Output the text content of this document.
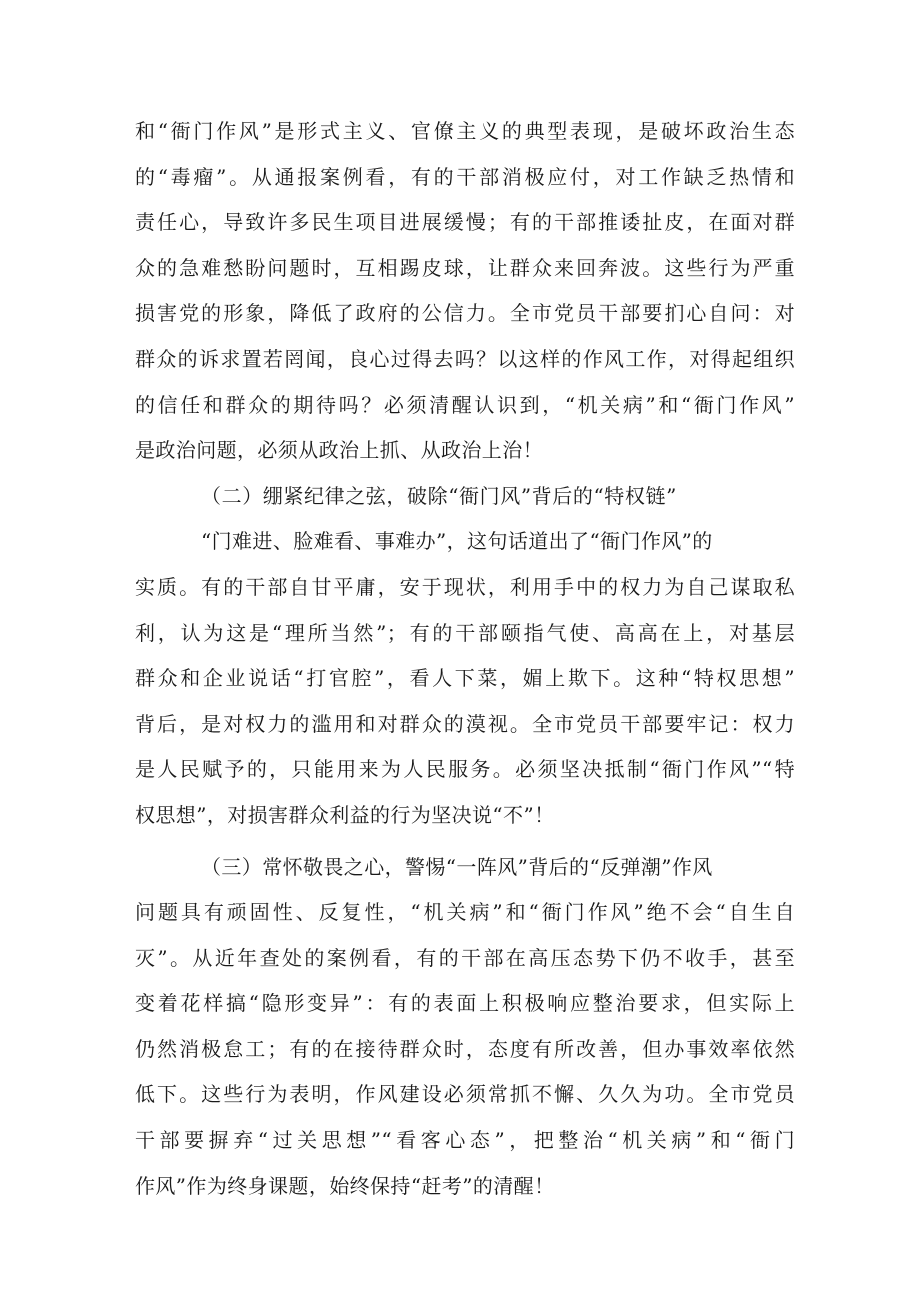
和“衙门作风”是形式主义、官僚主义的典型表现，是破坏政治生态
的“毒瘤”。从通报案例看，有的干部消极应付，对工作缺乏热情和
责任心，导致许多民生项目进展缓慢；有的干部推诿扯皮，在面对群
众的急难愁盼问题时，互相踢皮球，让群众来回奔波。这些行为严重
损害党的形象，降低了政府的公信力。全市党员干部要扪心自问：对
群众的诉求置若罔闻，良心过得去吗？以这样的作风工作，对得起组织
的信任和群众的期待吗？必须清醒认识到，“机关病”和“衙门作风”
是政治问题，必须从政治上抓、从政治上治！
（二）绷紧纪律之弦，破除“衙门风”背后的“特权链”
“门难进、脸难看、事难办”，这句话道出了“衙门作风”的
实质。有的干部自甘平庸，安于现状，利用手中的权力为自己谋取私
利，认为这是“理所当然”；有的干部颐指气使、高高在上，对基层
群众和企业说话“打官腔”，看人下菜，媚上欺下。这种“特权思想”
背后，是对权力的滥用和对群众的漠视。全市党员干部要牢记：权力
是人民赋予的，只能用来为人民服务。必须坚决抵制“衙门作风”“特
权思想”，对损害群众利益的行为坚决说“不”！
（三）常怀敬畏之心，警惕“一阵风”背后的“反弹潮”作风
问题具有顽固性、反复性，“机关病”和“衙门作风”绝不会“自生自
灭”。从近年查处的案例看，有的干部在高压态势下仍不收手，甚至
变着花样搞“隐形变异”：有的表面上积极响应整治要求，但实际上
仍然消极怠工；有的在接待群众时，态度有所改善，但办事效率依然
低下。这些行为表明，作风建设必须常抓不懈、久久为功。全市党员
干部要摒弃“过关思想”“看客心态”，把整治“机关病”和“衙门
作风”作为终身课题，始终保持“赶考”的清醒！
